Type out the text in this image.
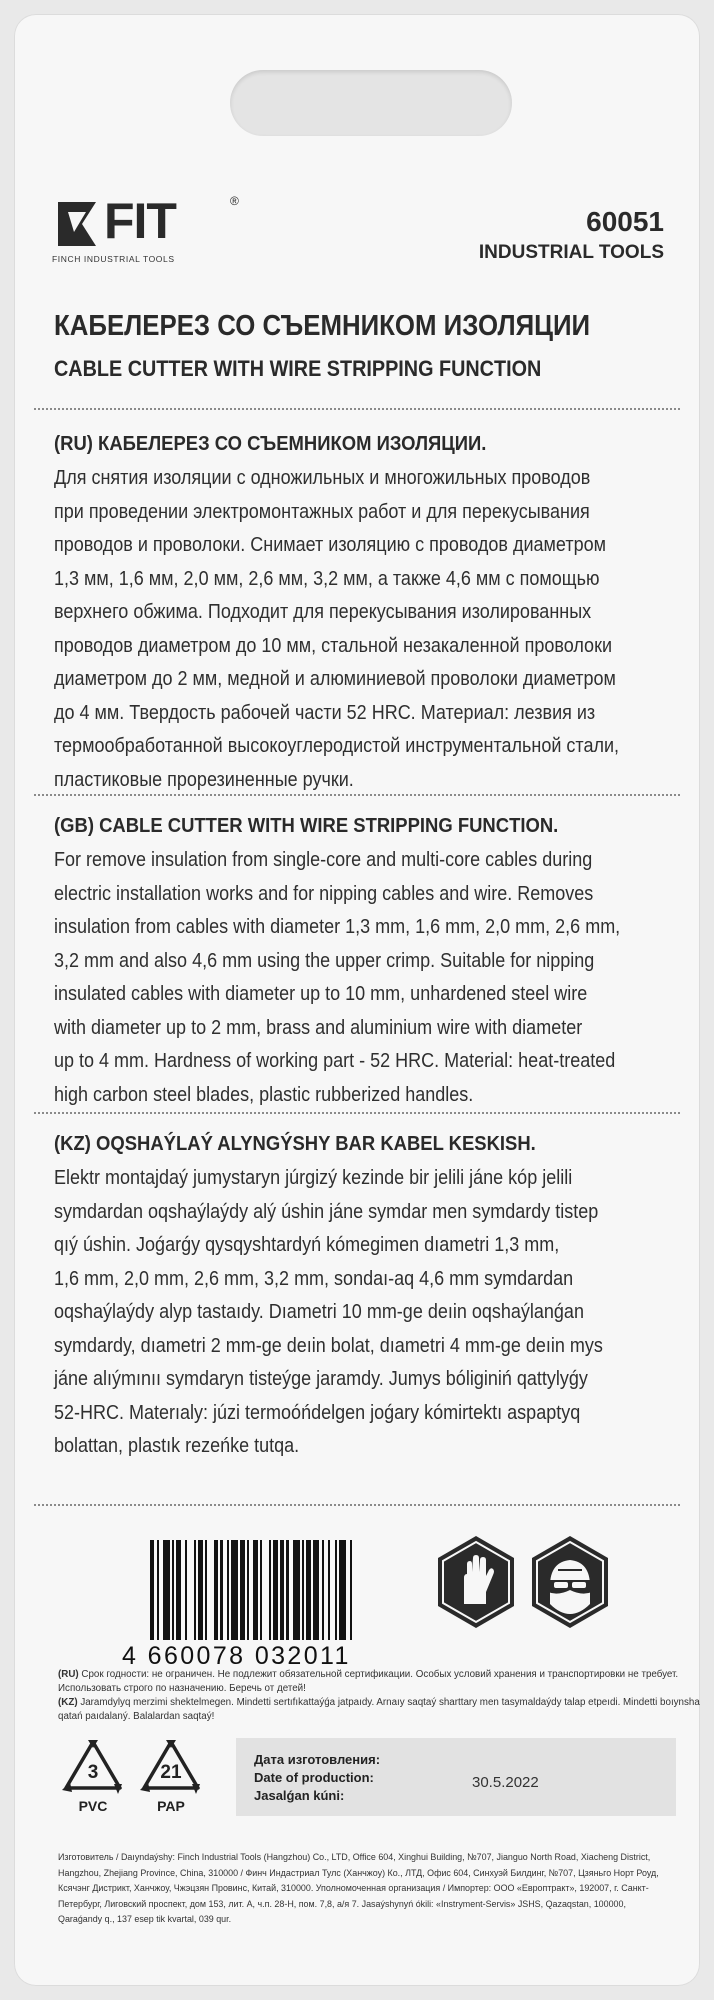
FIT	®
FINCH INDUSTRIAL TOOLS
60051
INDUSTRIAL TOOLS
КАБЕЛЕРЕЗ СО СЪЕМНИКОМ ИЗОЛЯЦИИ
CABLE CUTTER WITH WIRE STRIPPING FUNCTION
(RU) КАБЕЛЕРЕЗ СО СЪЕМНИКОМ ИЗОЛЯЦИИ.
Для снятия изоляции с одножильных и многожильных проводов
при проведении электромонтажных работ и для перекусывания
проводов и проволоки. Снимает изоляцию с проводов диаметром
1,3 мм, 1,6 мм, 2,0 мм, 2,6 мм, 3,2 мм, а также 4,6 мм с помощью
верхнего обжима. Подходит для перекусывания изолированных
проводов диаметром до 10 мм, стальной незакаленной проволоки
диаметром до 2 мм, медной и алюминиевой проволоки диаметром
до 4 мм. Твердость рабочей части 52 HRC. Материал: лезвия из
термообработанной высокоуглеродистой инструментальной стали,
пластиковые прорезиненные ручки.
(GB) CABLE CUTTER WITH WIRE STRIPPING FUNCTION.
For remove insulation from single-core and multi-core cables during
electric installation works and for nipping cables and wire. Removes
insulation from cables with diameter 1,3 mm, 1,6 mm, 2,0 mm, 2,6 mm,
3,2 mm and also 4,6 mm using the upper crimp. Suitable for nipping
insulated cables with diameter up to 10 mm, unhardened steel wire
with diameter up to 2 mm, brass and aluminium wire with diameter
up to 4 mm. Hardness of working part - 52 HRC. Material: heat-treated
high carbon steel blades, plastic rubberized handles.
(KZ) OQSHAÝLAÝ ALYNGÝSHY BAR KABEL KESKISH.
Elektr montajdaý jumystaryn júrgizý kezinde bir jelili jáne kóp jelili
symdardan oqshaýlaýdy alý úshin jáne symdar men symdardy tistep
qıý úshin. Joǵarǵy qysqyshtardyń kómegimen dıametri 1,3 mm,
1,6 mm, 2,0 mm, 2,6 mm, 3,2 mm, sondaı-aq 4,6 mm symdardan
oqshaýlaýdy alyp tastaıdy. Dıametri 10 mm-ge deıin oqshaýlanǵan
symdardy, dıametri 2 mm-ge deıin bolat, dıametri 4 mm-ge deıin mys
jáne alıýmınıı symdaryn tisteýge jaramdy. Jumys bóliginiń qattylyǵy
52-HRC. Materıaly: júzi termoóńdelgen joǵary kómirtektı aspaptyq
bolattan, plastık rezeńke tutqa.
4 660078 032011
(RU) Срок годности: не ограничен. Не подлежит обязательной сертификации. Особых условий хранения и транспортировки не требует.
Использовать строго по назначению. Беречь от детей!
(KZ) Jaramdylyq merzimi shektelmegen. Mindetti sertıfıkattaýǵa jatpaıdy. Arnaıy saqtaý sharttary men tasymaldaýdy talap etpeıdi. Mindetti boıynsha
qatań paıdalaný. Balalardan saqtaý!
3
PVC
21
PAP
Дата изготовления:
Date of production:
Jasalǵan kúni:
30.5.2022
Изготовитель / Daıyndaýshy: Finch Industrial Tools (Hangzhou) Co., LTD, Office 604, Xinghui Building, №707, Jianguo North Road, Xiacheng District,
Hangzhou, Zhejiang Province, China, 310000 / Финч Индастриал Тулс (Ханчжоу) Ко., ЛТД, Офис 604, Синхуэй Билдинг, №707, Цзяньго Норт Роуд,
Ксячэнг Дистрикт, Ханчжоу, Чжэцзян Провинс, Китай, 310000. Уполномоченная организация / Импортер: ООО «Европтракт», 192007, г. Санкт-
Петербург, Лиговский проспект, дом 153, лит. А, ч.п. 28-Н, пом. 7,8, а/я 7. Jasaýshynyń ókili: «Instryment-Servis» JSHS, Qazaqstan, 100000,
Qaraǵandy q., 137 esep tik kvartal, 039 qur.
